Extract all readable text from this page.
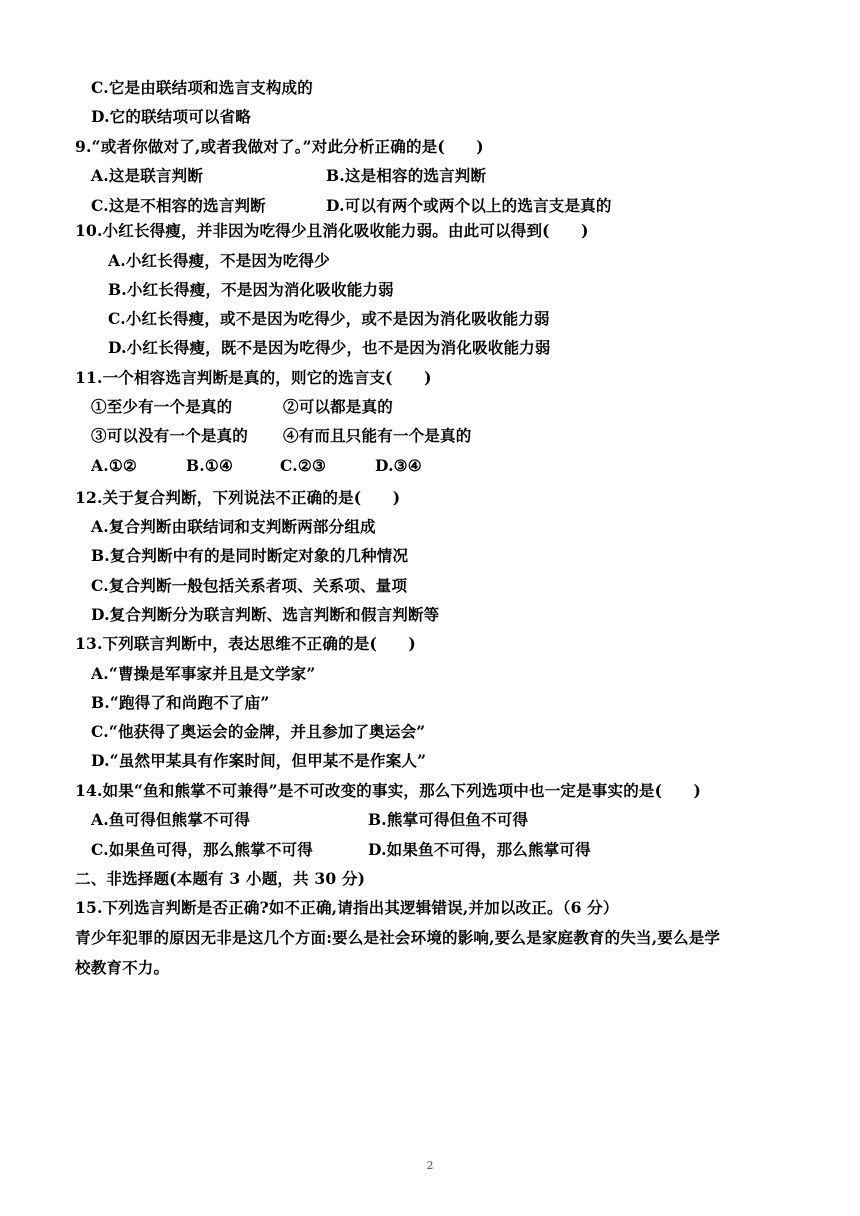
C.它是由联结项和选言支构成的
D.它的联结项可以省略
9.“或者你做对了,或者我做对了。”对此分析正确的是(　　)
A.这是联言判断	B.这是相容的选言判断
C.这是不相容的选言判断	D.可以有两个或两个以上的选言支是真的
10.小红长得瘦，并非因为吃得少且消化吸收能力弱。由此可以得到(　　)
A.小红长得瘦，不是因为吃得少
B.小红长得瘦，不是因为消化吸收能力弱
C.小红长得瘦，或不是因为吃得少，或不是因为消化吸收能力弱
D.小红长得瘦，既不是因为吃得少，也不是因为消化吸收能力弱
11.一个相容选言判断是真的，则它的选言支(　　)
①至少有一个是真的	②可以都是真的
③可以没有一个是真的 ④有而且只能有一个是真的
A.①②	B.①④	C.②③	D.③④
12.关于复合判断，下列说法不正确的是(　　)
A.复合判断由联结词和支判断两部分组成
B.复合判断中有的是同时断定对象的几种情况
C.复合判断一般包括关系者项、关系项、量项
D.复合判断分为联言判断、选言判断和假言判断等
13.下列联言判断中，表达思维不正确的是(　　)
A.“曹操是军事家并且是文学家”
B.“跑得了和尚跑不了庙”
C.“他获得了奥运会的金牌，并且参加了奥运会”
D.“虽然甲某具有作案时间，但甲某不是作案人”
14.如果“鱼和熊掌不可兼得”是不可改变的事实，那么下列选项中也一定是事实的是(　　)
A.鱼可得但熊掌不可得	B.熊掌可得但鱼不可得
C.如果鱼可得，那么熊掌不可得	D.如果鱼不可得，那么熊掌可得
二、非选择题(本题有 3 小题，共 30 分)
15.下列选言判断是否正确?如不正确,请指出其逻辑错误,并加以改正。（6 分）
青少年犯罪的原因无非是这几个方面:要么是社会环境的影响,要么是家庭教育的失当,要么是学
校教育不力。
2
